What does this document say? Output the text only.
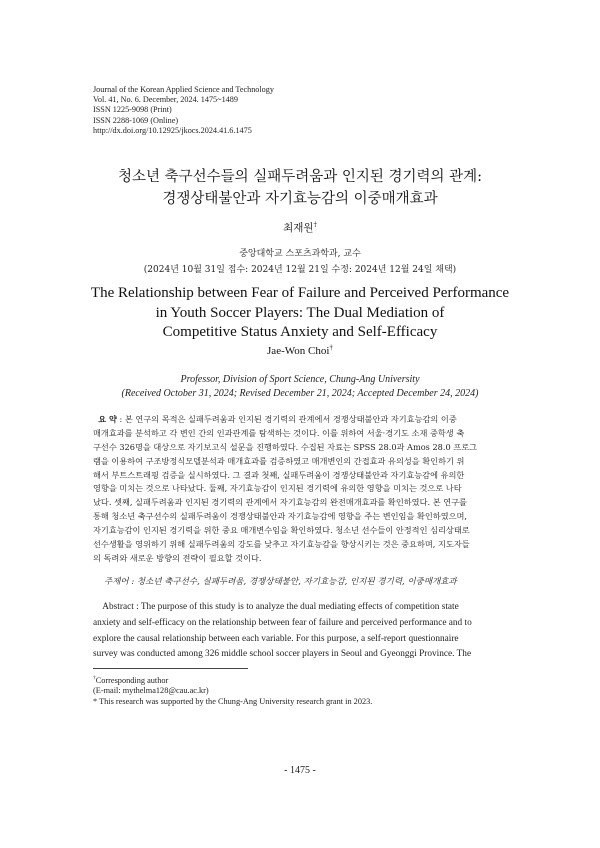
Journal of the Korean Applied Science and Technology
Vol. 41, No. 6. December, 2024. 1475~1489
ISSN 1225-9098 (Print)
ISSN 2288-1069 (Online)
http://dx.doi.org/10.12925/jkocs.2024.41.6.1475
청소년 축구선수들의 실패두려움과 인지된 경기력의 관계:
경쟁상태불안과 자기효능감의 이중매개효과
최재원†
중앙대학교 스포츠과학과, 교수
(2024년 10월 31일 접수: 2024년 12월 21일 수정: 2024년 12월 24일 채택)
The Relationship between Fear of Failure and Perceived Performance
in Youth Soccer Players: The Dual Mediation of
Competitive Status Anxiety and Self-Efficacy
Jae-Won Choi†
Professor, Division of Sport Science, Chung-Ang University
(Received October 31, 2024; Revised December 21, 2024; Accepted December 24, 2024)
요 약 : 본 연구의 목적은 실패두려움과 인지된 경기력의 관계에서 경쟁상태불안과 자기효능감의 이중
매개효과를 분석하고 각 변인 간의 인과관계를 탐색하는 것이다. 이를 위하여 서울·경기도 소재 중학생 축
구선수 326명을 대상으로 자기보고식 설문을 진행하였다. 수집된 자료는 SPSS 28.0과 Amos 28.0 프로그
램을 이용하여 구조방정식모델분석과 매개효과를 검증하였고 매개변인의 간접효과 유의성을 확인하기 위
해서 부트스트래핑 검증을 실시하였다. 그 결과 첫째, 실패두려움이 경쟁상태불안과 자기효능감에 유의한
영향을 미치는 것으로 나타났다. 둘째, 자기효능감이 인지된 경기력에 유의한 영향을 미치는 것으로 나타
났다. 셋째, 실패두려움과 인지된 경기력의 관계에서 자기효능감의 완전매개효과를 확인하였다. 본 연구를
통해 청소년 축구선수의 실패두려움이 경쟁상태불안과 자기효능감에 영향을 주는 변인임을 확인하였으며,
자기효능감이 인지된 경기력을 위한 중요 매개변수임을 확인하였다. 청소년 선수들이 안정적인 심리상태로
선수생활을 영위하기 위해 실패두려움의 강도를 낮추고 자기효능감을 향상시키는 것은 중요하며, 지도자들
의 독려와 새로운 방향의 전략이 필요할 것이다.
주제어 : 청소년 축구선수, 실패두려움, 경쟁상태불안, 자기효능감, 인지된 경기력, 이중매개효과
Abstract : The purpose of this study is to analyze the dual mediating effects of competition state
anxiety and self-efficacy on the relationship between fear of failure and perceived performance and to
explore the causal relationship between each variable. For this purpose, a self-report questionnaire
survey was conducted among 326 middle school soccer players in Seoul and Gyeonggi Province. The
†Corresponding author
(E-mail: mythelma128@cau.ac.kr)
* This research was supported by the Chung-Ang University research grant in 2023.
- 1475 -
